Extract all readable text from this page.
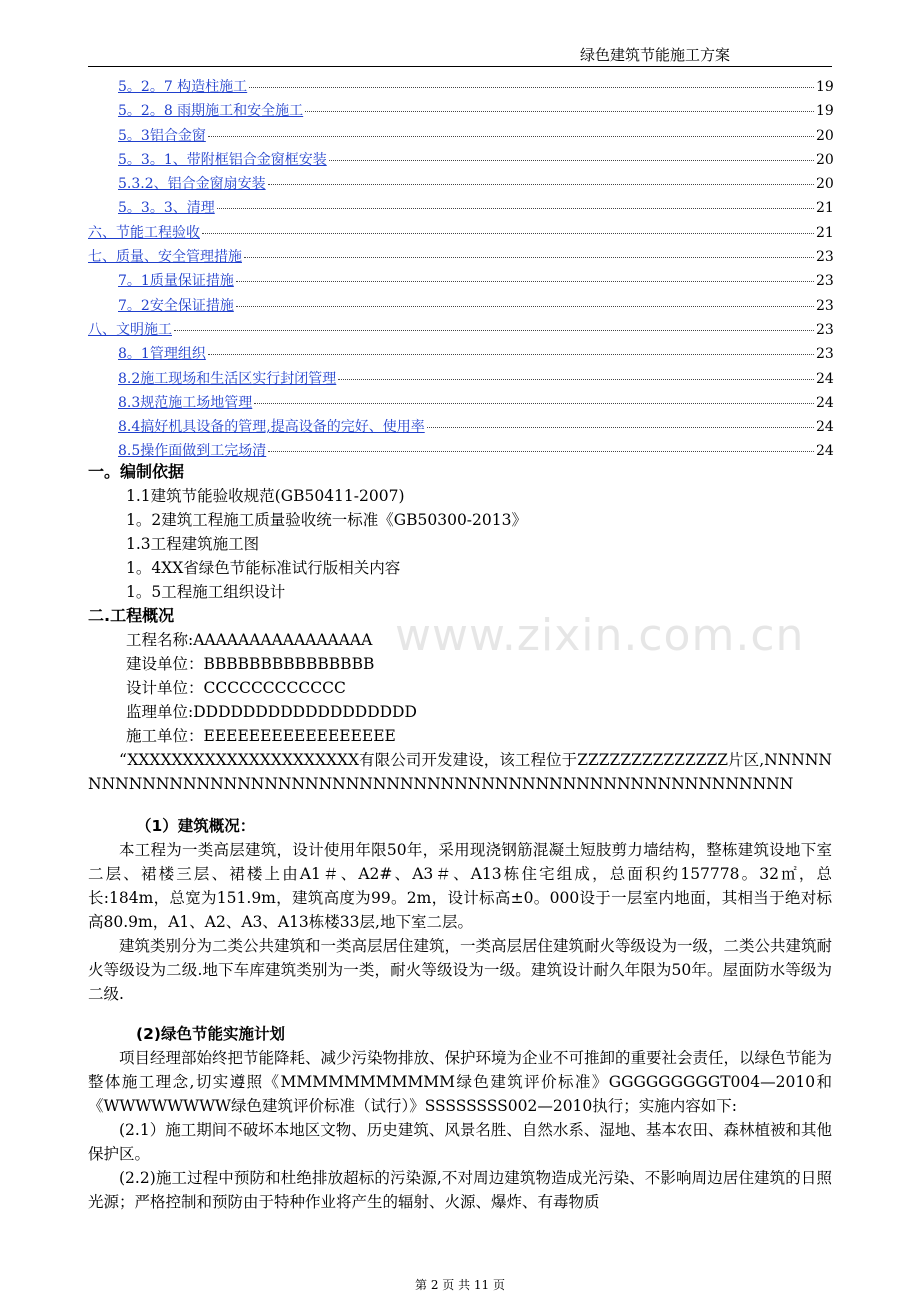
绿色建筑节能施工方案
5。2。7 构造柱施工	19
5。2。8 雨期施工和安全施工	19
5。3铝合金窗	20
5。3。1、带附框铝合金窗框安装	20
5.3.2、铝合金窗扇安装	20
5。3。3、清理	21
六、节能工程验收	21
七、质量、安全管理措施	23
7。1质量保证措施	23
7。2安全保证措施	23
八、文明施工	23
8。1管理组织	23
8.2施工现场和生活区实行封闭管理	24
8.3规范施工场地管理	24
8.4搞好机具设备的管理,提高设备的完好、使用率	24
8.5操作面做到工完场清	24
一。编制依据
1.1建筑节能验收规范(GB50411-2007)
1。2建筑工程施工质量验收统一标准《GB50300-2013》
1.3工程建筑施工图
1。4XX省绿色节能标准试行版相关内容
1。5工程施工组织设计
二.工程概况
工程名称:AAAAAAAAAAAAAAAA
建设单位：BBBBBBBBBBBBBBB
设计单位：CCCCCCCCCCCC
监理单位:DDDDDDDDDDDDDDDDDD
施工单位：EEEEEEEEEEEEEEEEE
“XXXXXXXXXXXXXXXXXXXXX有限公司开发建设，该工程位于ZZZZZZZZZZZZZZ片区,NNNNNNNNNNNNNNNNNNNNNNNNNNNNNNNNNNNNNNNNNNNNNNNNNNNNNNNNN
（1）建筑概况：
本工程为一类高层建筑，设计使用年限50年，采用现浇钢筋混凝土短肢剪力墙结构，整栋建筑设地下室二层、裙楼三层、裙楼上由A1＃、A2#、A3＃、A13栋住宅组成，总面积约157778。32㎡，总长:184m，总宽为151.9m，建筑高度为99。2m，设计标高±0。000设于一层室内地面，其相当于绝对标高80.9m，A1、A2、A3、A13栋楼33层,地下室二层。
建筑类别分为二类公共建筑和一类高层居住建筑，一类高层居住建筑耐火等级设为一级，二类公共建筑耐火等级设为二级.地下车库建筑类别为一类，耐火等级设为一级。建筑设计耐久年限为50年。屋面防水等级为二级.
(2)绿色节能实施计划
项目经理部始终把节能降耗、减少污染物排放、保护环境为企业不可推卸的重要社会责任，以绿色节能为整体施工理念,切实遵照《MMMMMMMMMMM绿色建筑评价标准》GGGGGGGGGT004—2010和《WWWWWWWW绿色建筑评价标准（试行）》SSSSSSSS002—2010执行；实施内容如下:
(2.1）施工期间不破坏本地区文物、历史建筑、风景名胜、自然水系、湿地、基本农田、森林植被和其他保护区。
(2.2)施工过程中预防和杜绝排放超标的污染源,不对周边建筑物造成光污染、不影响周边居住建筑的日照光源；严格控制和预防由于特种作业将产生的辐射、火源、爆炸、有毒物质
www.zixin.com.cn
第 2 页 共 11 页
